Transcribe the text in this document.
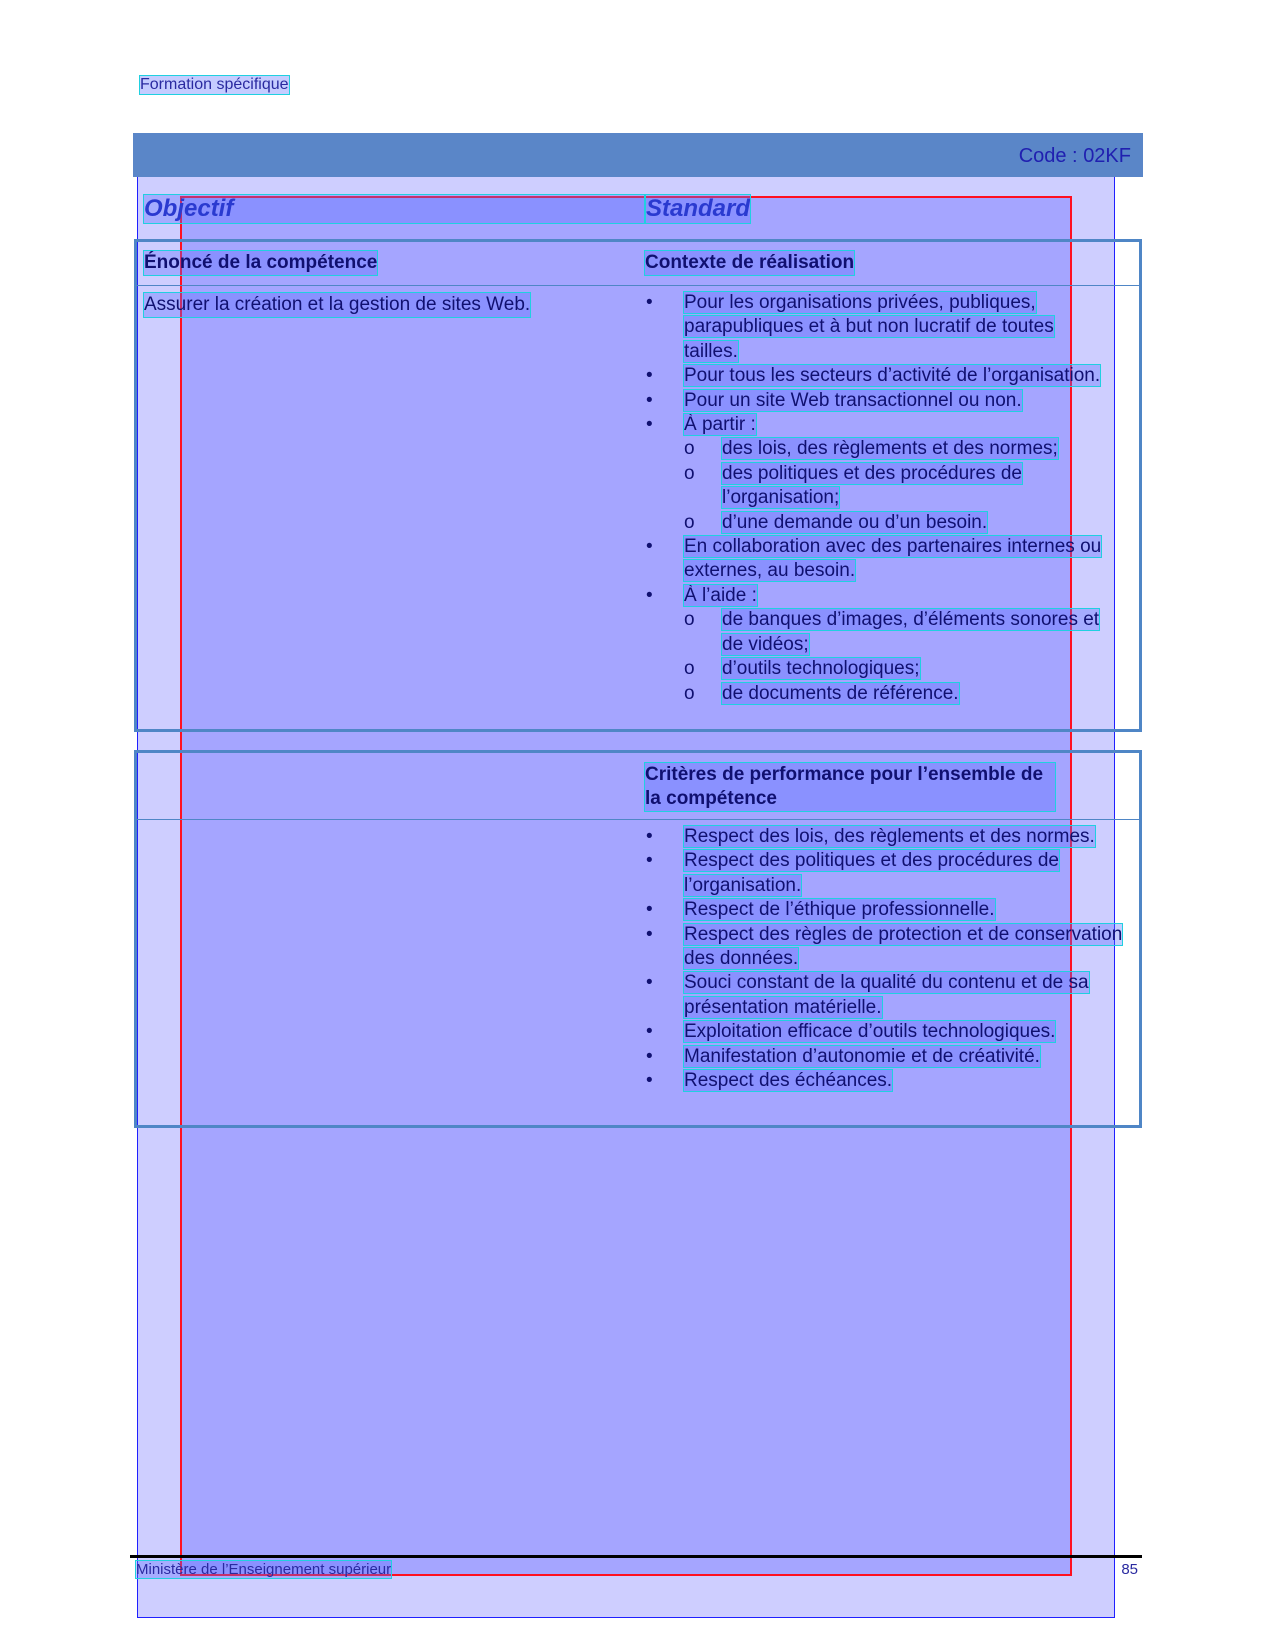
Formation spécifique
Code : 02KF
Objectif	Standard
Énoncé de la compétence	Contexte de réalisation
Assurer la création et la gestion de sites Web.	•	Pour les organisations privées, publiques, parapubliques et à but non lucratif de toutes tailles.
•	Pour tous les secteurs d’activité de l’organisation.
•	Pour un site Web transactionnel ou non.
•	À partir :
o	des lois, des règlements et des normes;
o	des politiques et des procédures de l’organisation;
o	d’une demande ou d’un besoin.
•	En collaboration avec des partenaires internes ou externes, au besoin.
•	À l’aide :
o	de banques d’images, d’éléments sonores et de vidéos;
o	d’outils technologiques;
o	de documents de référence.
Critères de performance pour l’ensemble de la compétence
•	Respect des lois, des règlements et des normes.
•	Respect des politiques et des procédures de l’organisation.
•	Respect de l’éthique professionnelle.
•	Respect des règles de protection et de conservation des données.
•	Souci constant de la qualité du contenu et de sa présentation matérielle.
•	Exploitation efficace d’outils technologiques.
•	Manifestation d’autonomie et de créativité.
•	Respect des échéances.
Ministère de l’Enseignement supérieur	85
